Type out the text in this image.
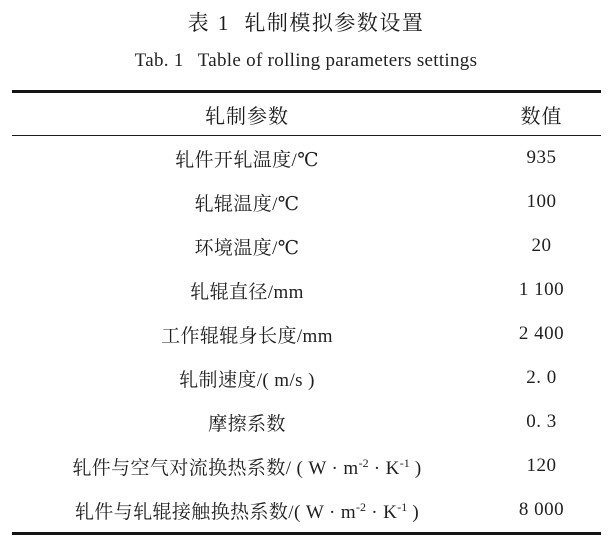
表 1 轧制模拟参数设置
Tab. 1 Table of rolling parameters settings
轧制参数	数值
轧件开轧温度/℃	935
轧辊温度/℃	100
环境温度/℃	20
轧辊直径/mm	1 100
工作辊辊身长度/mm	2 400
轧制速度/( m/s )	2. 0
摩擦系数	0. 3
轧件与空气对流换热系数/ ( $W \cdot m^{-2} \cdot K^{-1}$ )	120
轧件与轧辊接触换热系数/( $W \cdot m^{-2} \cdot K^{-1}$ )	8 000
